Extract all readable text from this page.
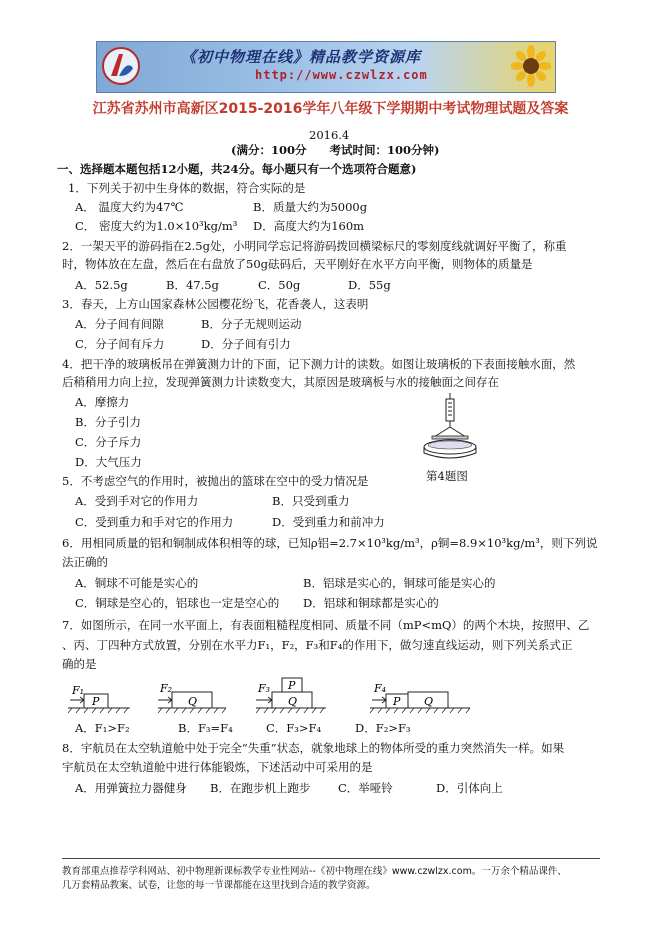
《初中物理在线》精品教学资源库
http://www.czwlzx.com
江苏省苏州市高新区2015-2016学年八年级下学期期中考试物理试题及答案
2016.4
(满分：100分　　考试时间：100分钟)
一、选择题本题包括12小题，共24分。每小题只有一个选项符合题意)
1．下列关于初中生身体的数据，符合实际的是
A． 温度大约为47℃	B．质量大约为5000g
C． 密度大约为1.0×10³kg/m³ D．高度大约为160m
2．一架天平的游码指在2.5g处，小明同学忘记将游码拨回横梁标尺的零刻度线就调好平衡了，称重
时，物体放在左盘，然后在右盘放了50g砝码后，天平刚好在水平方向平衡，则物体的质量是
A．52.5g	B．47.5g	C．50g	D．55g
3．春天，上方山国家森林公园樱花纷飞，花香袭人，这表明
A．分子间有间隙	B．分子无规则运动
C．分子间有斥力	D．分子间有引力
4．把干净的玻璃板吊在弹簧测力计的下面，记下测力计的读数。如图让玻璃板的下表面接触水面，然
后稍稍用力向上拉，发现弹簧测力计读数变大，其原因是玻璃板与水的接触面之间存在
A．摩擦力
B．分子引力
C．分子斥力
D．大气压力
第4题图
5．不考虑空气的作用时，被抛出的篮球在空中的受力情况是
A．受到手对它的作用力	B．只受到重力
C．受到重力和手对它的作用力	D．受到重力和前冲力
6．用相同质量的铝和铜制成体积相等的球，已知ρ铝=2.7×10³kg/m³，ρ铜=8.9×10³kg/m³，则下列说
法正确的
A．铜球不可能是实心的	B．铝球是实心的，铜球可能是实心的
C．铜球是空心的，铝球也一定是空心的 D．铝球和铜球都是实心的
7．如图所示，在同一水平面上，有表面粗糙程度相同、质量不同（mP<mQ）的两个木块，按照甲、乙
、丙、丁四种方式放置，分别在水平力F₁，F₂，F₃和F₄的作用下，做匀速直线运动，则下列关系式正
确的是
F₁
P
F₂
Q
F₃ P
Q
F₄
P Q
A．F₁>F₂	B．F₃=F₄	C．F₃>F₄	D．F₂>F₃
8．宇航员在太空轨道舱中处于完全“失重”状态，就象地球上的物体所受的重力突然消失一样。如果
宇航员在太空轨道舱中进行体能锻炼，下述活动中可采用的是
A．用弹簧拉力器健身 B．在跑步机上跑步 C．举哑铃	D．引体向上
教育部重点推荐学科网站、初中物理新课标教学专业性网站--《初中物理在线》www.czwlzx.com。一万余个精品课件、
几万套精品教案、试卷，让您的每一节课都能在这里找到合适的教学资源。
